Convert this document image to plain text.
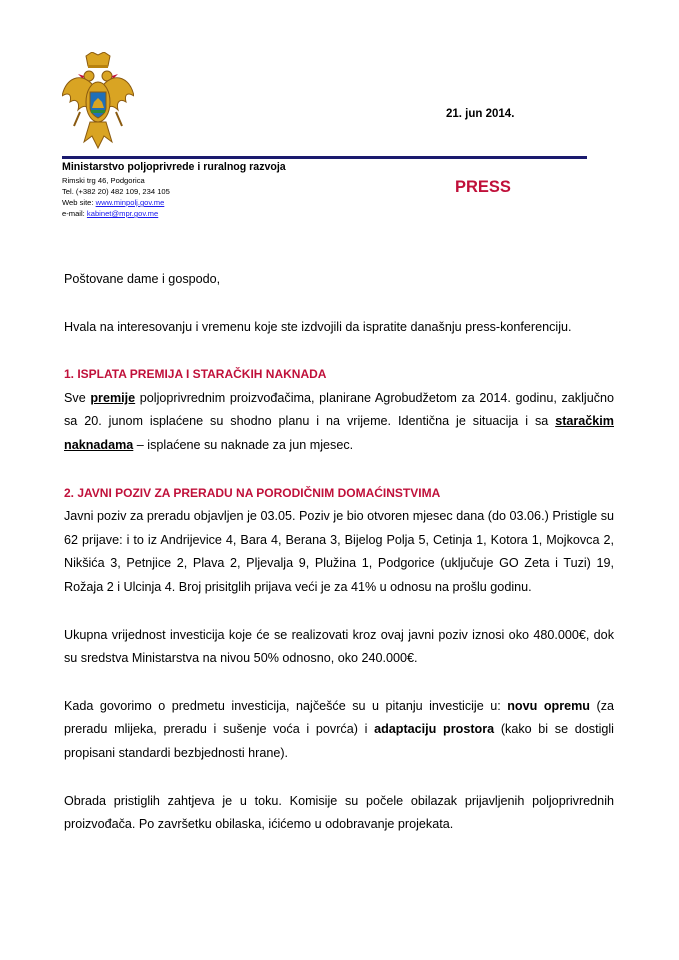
21. jun 2014.
Ministarstvo poljoprivrede i ruralnog razvoja
Rimski trg 46, Podgorica
Tel. (+382 20) 482 109, 234 105
Web site: www.minpolj.gov.me
e-mail: kabinet@mpr.gov.me
PRESS

Poštovane dame i gospodo,

Hvala na interesovanju i vremenu koje ste izdvojili da ispratite današnju press-konferenciju.

1. ISPLATA PREMIJA I STARAČKIH NAKNADA

Sve premije poljoprivrednim proizvođačima, planirane Agrobudžetom za 2014. godinu, zaključno sa 20. junom isplaćene su shodno planu i na vrijeme. Identična je situacija i sa staračkim naknadama – isplaćene su naknade za jun mjesec.

2. JAVNI POZIV ZA PRERADU NA PORODIČNIM DOMAĆINSTVIMA

Javni poziv za preradu objavljen je 03.05. Poziv je bio otvoren mjesec dana (do 03.06.) Pristigle su 62 prijave: i to iz Andrijevice 4, Bara 4, Berana 3, Bijelog Polja 5, Cetinja 1, Kotora 1, Mojkovca 2, Nikšića 3, Petnjice 2, Plava 2, Pljevalja 9, Plužina 1, Podgorice (uključuje GO Zeta i Tuzi) 19, Rožaja 2 i Ulcinja 4. Broj prisitglih prijava veći je za 41% u odnosu na prošlu godinu.

Ukupna vrijednost investicija koje će se realizovati kroz ovaj javni poziv iznosi oko 480.000€, dok su sredstva Ministarstva na nivou 50% odnosno, oko 240.000€.

Kada govorimo o predmetu investicija, najčešće su u pitanju investicije u: novu opremu (za preradu mlijeka, preradu i sušenje voća i povrća) i adaptaciju prostora (kako bi se dostigli propisani standardi bezbjednosti hrane).

Obrada pristiglih zahtjeva je u toku. Komisije su počele obilazak prijavljenih poljoprivrednih proizvođača. Po završetku obilaska, ićićemo u odobravanje projekata.
